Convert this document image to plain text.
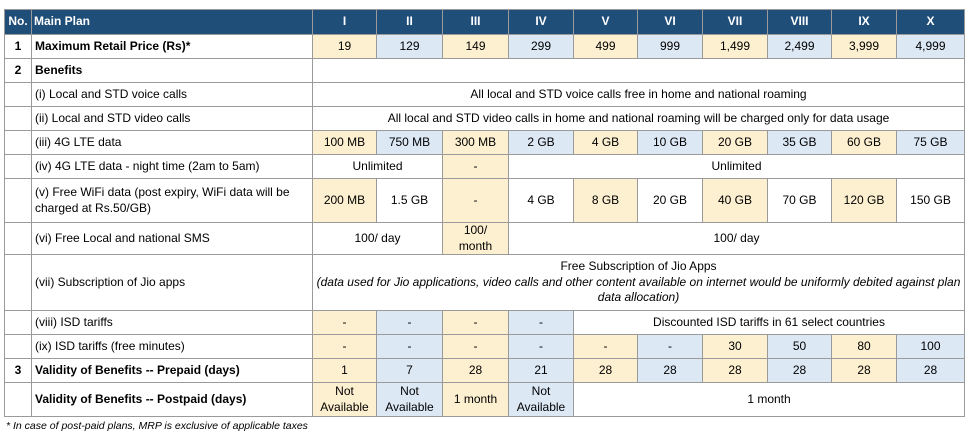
No.	Main Plan	I	II	III	IV	V	VI	VII	VIII	IX	X
1	Maximum Retail Price (Rs)*	19	129	149	299	499	999	1,499	2,499	3,999	4,999
2	Benefits										
	(i) Local and STD voice calls	All local and STD voice calls free in home and national roaming									
	(ii) Local and STD video calls	All local and STD video calls in home and national roaming will be charged only for data usage									
	(iii) 4G LTE data	100 MB	750 MB	300 MB	2 GB	4 GB	10 GB	20 GB	35 GB	60 GB	75 GB
	(iv) 4G LTE data - night time (2am to 5am)	Unlimited		-	Unlimited						
	(v) Free WiFi data (post expiry, WiFi data will be charged at Rs.50/GB)	200 MB	1.5 GB	-	4 GB	8 GB	20 GB	40 GB	70 GB	120 GB	150 GB
	(vi) Free Local and national SMS	100/ day		100/ month	100/ day						
	(vii) Subscription of Jio apps	Free Subscription of Jio Apps
(data used for Jio applications, video calls and other content available on internet would be uniformly debited against plan data allocation)									

	(viii) ISD tariffs	-	-	-	-	Discounted ISD tariffs in 61 select countries					
	(ix) ISD tariffs (free minutes)	-	-	-	-	-	-	30	50	80	100
3	Validity of Benefits -- Prepaid (days)	1	7	28	21	28	28	28	28	28	28
	Validity of Benefits -- Postpaid (days)	Not Available	Not Available	1 month	Not Available	1 month					
* In case of post-paid plans, MRP is exclusive of applicable taxes
